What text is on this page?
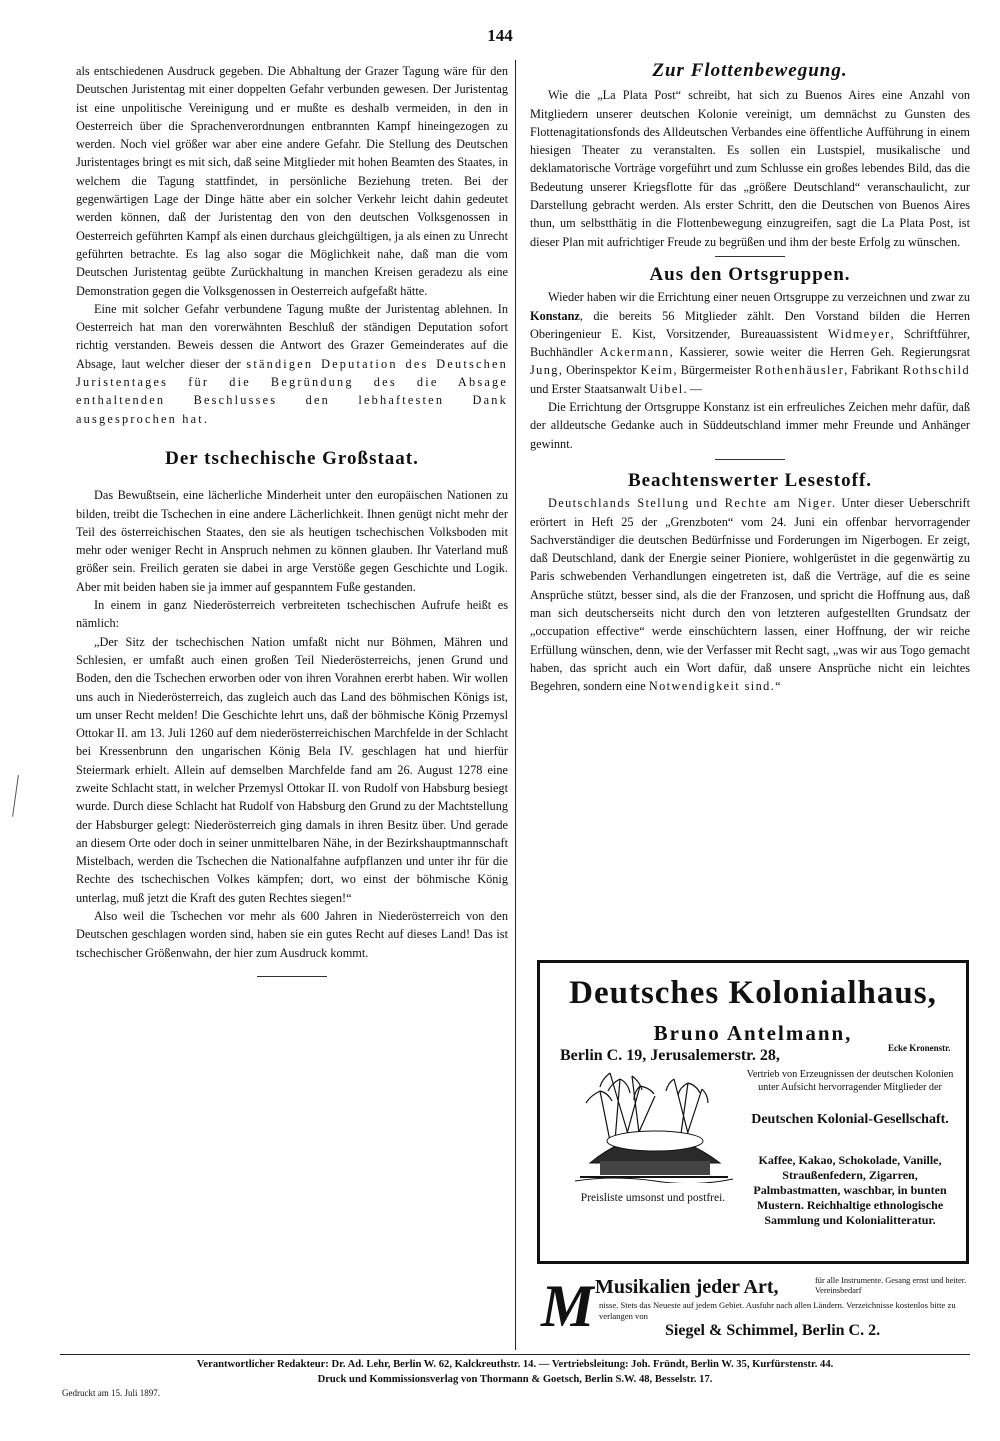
144

als entschiedenen Ausdruck gegeben. Die Abhaltung der Grazer Tagung wäre für den Deutschen Juristentag mit einer doppelten Gefahr verbunden gewesen. Der Juristentag ist eine unpolitische Vereinigung und er mußte es deshalb vermeiden, in den in Oesterreich über die Sprachenverordnungen entbrannten Kampf hineingezogen zu werden. Noch viel größer war aber eine andere Gefahr. Die Stellung des Deutschen Juristentages bringt es mit sich, daß seine Mitglieder mit hohen Beamten des Staates, in welchem die Tagung stattfindet, in persönliche Beziehung treten. Bei der gegenwärtigen Lage der Dinge hätte aber ein solcher Verkehr leicht dahin gedeutet werden können, daß der Juristentag den von den deutschen Volksgenossen in Oesterreich geführten Kampf als einen durchaus gleichgültigen, ja als einen zu Unrecht geführten betrachte. Es lag also sogar die Möglichkeit nahe, daß man die vom Deutschen Juristentag geübte Zurückhaltung in manchen Kreisen geradezu als eine Demonstration gegen die Volksgenossen in Oesterreich aufgefaßt hätte.

Eine mit solcher Gefahr verbundene Tagung mußte der Juristentag ablehnen. In Oesterreich hat man den vorerwähnten Beschluß der ständigen Deputation sofort richtig verstanden. Beweis dessen die Antwort des Grazer Gemeinderates auf die Absage, laut welcher dieser der ständigen Deputation des Deutschen Juristentages für die Begründung des die Absage enthaltenden Beschlusses den lebhaftesten Dank ausgesprochen hat.

Der tschechische Großstaat.

Das Bewußtsein, eine lächerliche Minderheit unter den europäischen Nationen zu bilden, treibt die Tschechen in eine andere Lächerlichkeit. Ihnen genügt nicht mehr der Teil des österreichischen Staates, den sie als heutigen tschechischen Volksboden mit mehr oder weniger Recht in Anspruch nehmen zu können glauben. Ihr Vaterland muß größer sein. Freilich geraten sie dabei in arge Verstöße gegen Geschichte und Logik. Aber mit beiden haben sie ja immer auf gespanntem Fuße gestanden.

In einem in ganz Niederösterreich verbreiteten tschechischen Aufrufe heißt es nämlich:

„Der Sitz der tschechischen Nation umfaßt nicht nur Böhmen, Mähren und Schlesien, er umfaßt auch einen großen Teil Niederösterreichs, jenen Grund und Boden, den die Tschechen erworben oder von ihren Vorahnen ererbt haben. Wir wollen uns auch in Niederösterreich, das zugleich auch das Land des böhmischen Königs ist, um unser Recht melden! Die Geschichte lehrt uns, daß der böhmische König Przemysl Ottokar II. am 13. Juli 1260 auf dem niederösterreichischen Marchfelde in der Schlacht bei Kressenbrunn den ungarischen König Bela IV. geschlagen hat und hierfür Steiermark erhielt. Allein auf demselben Marchfelde fand am 26. August 1278 eine zweite Schlacht statt, in welcher Przemysl Ottokar II. von Rudolf von Habsburg besiegt wurde. Durch diese Schlacht hat Rudolf von Habsburg den Grund zu der Machtstellung der Habsburger gelegt: Niederösterreich ging damals in ihren Besitz über. Und gerade an diesem Orte oder doch in seiner unmittelbaren Nähe, in der Bezirkshauptmannschaft Mistelbach, werden die Tschechen die Nationalfahne aufpflanzen und unter ihr für die Rechte des tschechischen Volkes kämpfen; dort, wo einst der böhmische König unterlag, muß jetzt die Kraft des guten Rechtes siegen!“

Also weil die Tschechen vor mehr als 600 Jahren in Niederösterreich von den Deutschen geschlagen worden sind, haben sie ein gutes Recht auf dieses Land! Das ist tschechischer Größenwahn, der hier zum Ausdruck kommt.

Zur Flottenbewegung.

Wie die „La Plata Post“ schreibt, hat sich zu Buenos Aires eine Anzahl von Mitgliedern unserer deutschen Kolonie vereinigt, um demnächst zu Gunsten des Flottenagitationsfonds des Alldeutschen Verbandes eine öffentliche Aufführung in einem hiesigen Theater zu veranstalten. Es sollen ein Lustspiel, musikalische und deklamatorische Vorträge vorgeführt und zum Schlusse ein großes lebendes Bild, das die Bedeutung unserer Kriegsflotte für das „größere Deutschland“ veranschaulicht, zur Darstellung gebracht werden. Als erster Schritt, den die Deutschen von Buenos Aires thun, um selbstthätig in die Flottenbewegung einzugreifen, sagt die La Plata Post, ist dieser Plan mit aufrichtiger Freude zu begrüßen und ihm der beste Erfolg zu wünschen.

Aus den Ortsgruppen.

Wieder haben wir die Errichtung einer neuen Ortsgruppe zu verzeichnen und zwar zu Konstanz, die bereits 56 Mitglieder zählt. Den Vorstand bilden die Herren Oberingenieur E. Kist, Vorsitzender, Bureauassistent Widmeyer, Schriftführer, Buchhändler Ackermann, Kassierer, sowie weiter die Herren Geh. Regierungsrat Jung, Oberinspektor Keim, Bürgermeister Rothenhäusler, Fabrikant Rothschild und Erster Staatsanwalt Uibel. —

Die Errichtung der Ortsgruppe Konstanz ist ein erfreuliches Zeichen mehr dafür, daß der alldeutsche Gedanke auch in Süddeutschland immer mehr Freunde und Anhänger gewinnt.

Beachtenswerter Lesestoff.

Deutschlands Stellung und Rechte am Niger. Unter dieser Ueberschrift erörtert in Heft 25 der „Grenzboten“ vom 24. Juni ein offenbar hervorragender Sachverständiger die deutschen Bedürfnisse und Forderungen im Nigerbogen. Er zeigt, daß Deutschland, dank der Energie seiner Pioniere, wohlgerüstet in die gegenwärtig zu Paris schwebenden Verhandlungen eingetreten ist, daß die Verträge, auf die es seine Ansprüche stützt, besser sind, als die der Franzosen, und spricht die Hoffnung aus, daß man sich deutscherseits nicht durch den von letzteren aufgestellten Grundsatz der „occupation effective“ werde einschüchtern lassen, einer Hoffnung, der wir reiche Erfüllung wünschen, denn, wie der Verfasser mit Recht sagt, „was wir aus Togo gemacht haben, das spricht auch ein Wort dafür, daß unsere Ansprüche nicht ein leichtes Begehren, sondern eine Notwendigkeit sind.“

Deutsches Kolonialhaus,
Bruno Antelmann,
Berlin C. 19, Jerusalemerstr. 28,	Ecke Kronenstr.
Vertrieb von Erzeugnissen der deutschen Kolonien unter Aufsicht hervorragender Mitglieder der
Deutschen Kolonial-Gesellschaft.
Kaffee, Kakao, Schokolade, Vanille, Straußenfedern, Zigarren, Palmbastmatten, waschbar, in bunten Mustern. Reichhaltige ethnologische Sammlung und Kolonialitteratur.
Preisliste umsonst und postfrei.
M Musikalien jeder Art,	für alle Instrumente. Gesang ernst und heiter. Vereinsbedarf
nisse. Stets das Neueste auf jedem Gebiet. Ausfuhr nach allen Ländern. Verzeichnisse kostenlos bitte zu verlangen von
Siegel & Schimmel, Berlin C. 2.
Verantwortlicher Redakteur: Dr. Ad. Lehr, Berlin W. 62, Kalckreuthstr. 14. — Vertriebsleitung: Joh. Fründt, Berlin W. 35, Kurfürstenstr. 44.
Druck und Kommissionsverlag von Thormann & Goetsch, Berlin S.W. 48, Besselstr. 17.
Gedruckt am 15. Juli 1897.
